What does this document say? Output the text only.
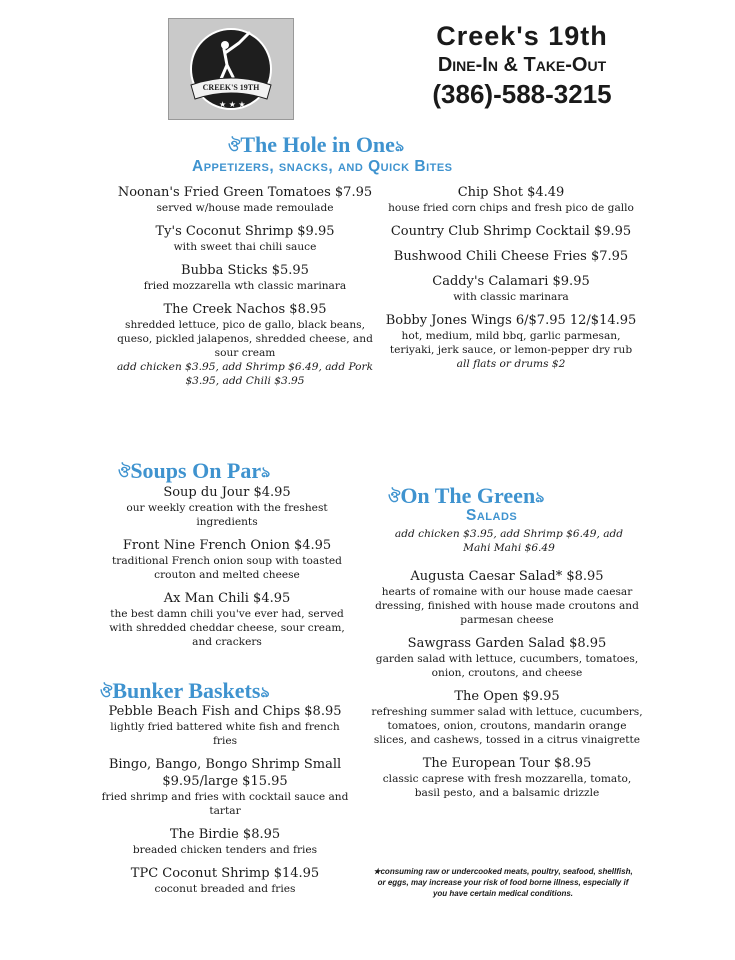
★ ★ ★
CREEK'S 19TH
Creek's 19th
Dine-In & Take-Out
(386)-588-3215
ঔThe Hole in Oneঌ
Appetizers, snacks, and Quick Bites
Noonan's Fried Green Tomatoes $7.95
served w/house made remoulade
Ty's Coconut Shrimp $9.95
with sweet thai chili sauce
Bubba Sticks $5.95
fried mozzarella wth classic marinara
The Creek Nachos $8.95
shredded lettuce, pico de gallo, black beans, queso, pickled jalapenos, shredded cheese, and sour cream
add chicken $3.95, add Shrimp $6.49, add Pork $3.95, add Chili $3.95
Chip Shot $4.49
house fried corn chips and fresh pico de gallo
Country Club Shrimp Cocktail $9.95
Bushwood Chili Cheese Fries $7.95
Caddy's Calamari $9.95
with classic marinara
Bobby Jones Wings 6/$7.95 12/$14.95
hot, medium, mild bbq, garlic parmesan, teriyaki, jerk sauce, or lemon-pepper dry rub
all flats or drums $2
ঔSoups On Parঌ
Soup du Jour $4.95
our weekly creation with the freshest ingredients
Front Nine French Onion $4.95
traditional French onion soup with toasted crouton and melted cheese
Ax Man Chili $4.95
the best damn chili you've ever had, served with shredded cheddar cheese, sour cream, and crackers
ঔBunker Basketsঌ
Pebble Beach Fish and Chips $8.95
lightly fried battered white fish and french fries
Bingo, Bango, Bongo Shrimp Small $9.95/large $15.95
fried shrimp and fries with cocktail sauce and tartar
The Birdie $8.95
breaded chicken tenders and fries
TPC Coconut Shrimp $14.95
coconut breaded and fries
ঔOn The Greenঌ
Salads
add chicken $3.95, add Shrimp $6.49, add Mahi Mahi $6.49
Augusta Caesar Salad* $8.95
hearts of romaine with our house made caesar dressing, finished with house made croutons and parmesan cheese
Sawgrass Garden Salad $8.95
garden salad with lettuce, cucumbers, tomatoes, onion, croutons, and cheese
The Open $9.95
refreshing summer salad with lettuce, cucumbers, tomatoes, onion, croutons, mandarin orange slices, and cashews, tossed in a citrus vinaigrette
The European Tour $8.95
classic caprese with fresh mozzarella, tomato, basil pesto, and a balsamic drizzle
★consuming raw or undercooked meats, poultry, seafood, shellfish, or eggs, may increase your risk of food borne illness, especially if you have certain medical conditions.
